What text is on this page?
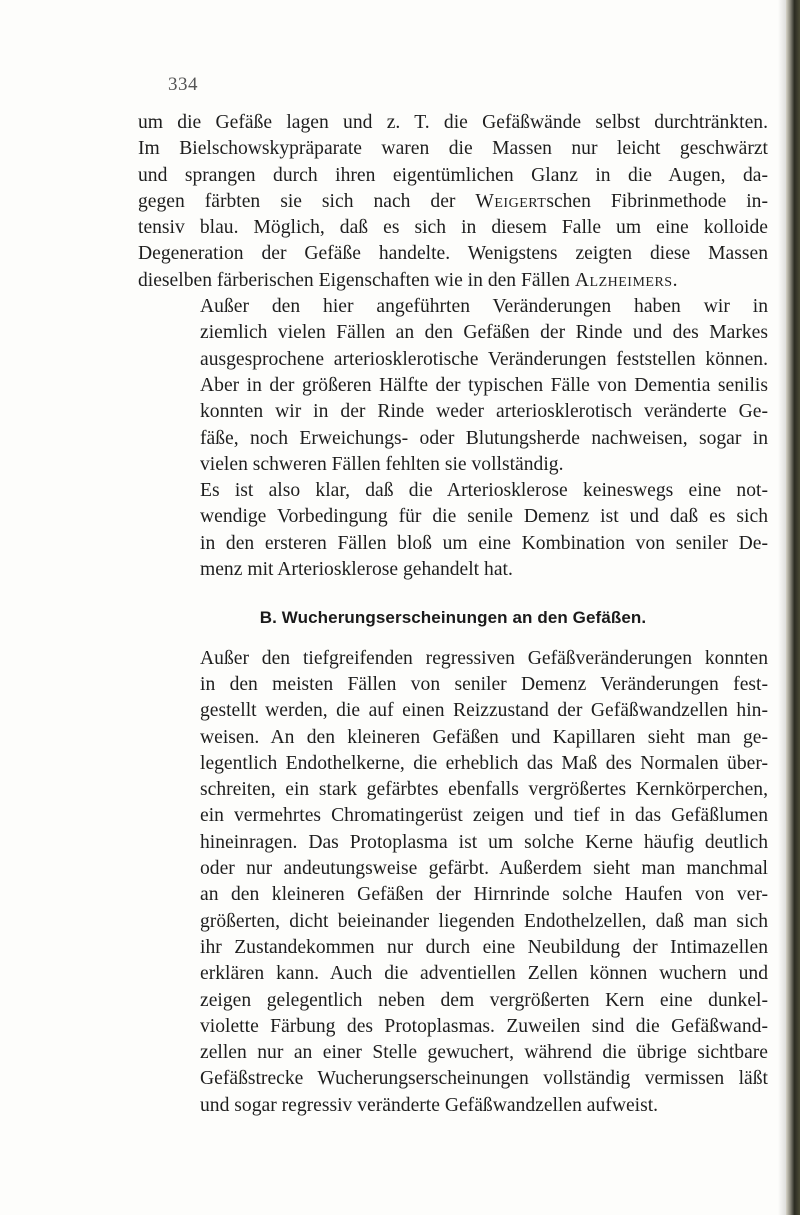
334

um die Gefäße lagen und z. T. die Gefäßwände selbst durchtränkten.
Im Bielschowskypräparate waren die Massen nur leicht geschwärzt
und sprangen durch ihren eigentümlichen Glanz in die Augen, da-
gegen färbten sie sich nach der Weigertschen Fibrinmethode in-
tensiv blau. Möglich, daß es sich in diesem Falle um eine kolloide
Degeneration der Gefäße handelte. Wenigstens zeigten diese Massen
dieselben färberischen Eigenschaften wie in den Fällen Alzheimers.

Außer den hier angeführten Veränderungen haben wir in
ziemlich vielen Fällen an den Gefäßen der Rinde und des Markes
ausgesprochene arteriosklerotische Veränderungen feststellen können.
Aber in der größeren Hälfte der typischen Fälle von Dementia senilis
konnten wir in der Rinde weder arteriosklerotisch veränderte Ge-
fäße, noch Erweichungs- oder Blutungsherde nachweisen, sogar in
vielen schweren Fällen fehlten sie vollständig.

Es ist also klar, daß die Arteriosklerose keineswegs eine not-
wendige Vorbedingung für die senile Demenz ist und daß es sich
in den ersteren Fällen bloß um eine Kombination von seniler De-
menz mit Arteriosklerose gehandelt hat.

B. Wucherungserscheinungen an den Gefäßen.

Außer den tiefgreifenden regressiven Gefäßveränderungen konnten
in den meisten Fällen von seniler Demenz Veränderungen fest-
gestellt werden, die auf einen Reizzustand der Gefäßwandzellen hin-
weisen. An den kleineren Gefäßen und Kapillaren sieht man ge-
legentlich Endothelkerne, die erheblich das Maß des Normalen über-
schreiten, ein stark gefärbtes ebenfalls vergrößertes Kernkörperchen,
ein vermehrtes Chromatingerüst zeigen und tief in das Gefäßlumen
hineinragen. Das Protoplasma ist um solche Kerne häufig deutlich
oder nur andeutungsweise gefärbt. Außerdem sieht man manchmal
an den kleineren Gefäßen der Hirnrinde solche Haufen von ver-
größerten, dicht beieinander liegenden Endothelzellen, daß man sich
ihr Zustandekommen nur durch eine Neubildung der Intimazellen
erklären kann. Auch die adventiellen Zellen können wuchern und
zeigen gelegentlich neben dem vergrößerten Kern eine dunkel-
violette Färbung des Protoplasmas. Zuweilen sind die Gefäßwand-
zellen nur an einer Stelle gewuchert, während die übrige sichtbare
Gefäßstrecke Wucherungserscheinungen vollständig vermissen läßt
und sogar regressiv veränderte Gefäßwandzellen aufweist.
